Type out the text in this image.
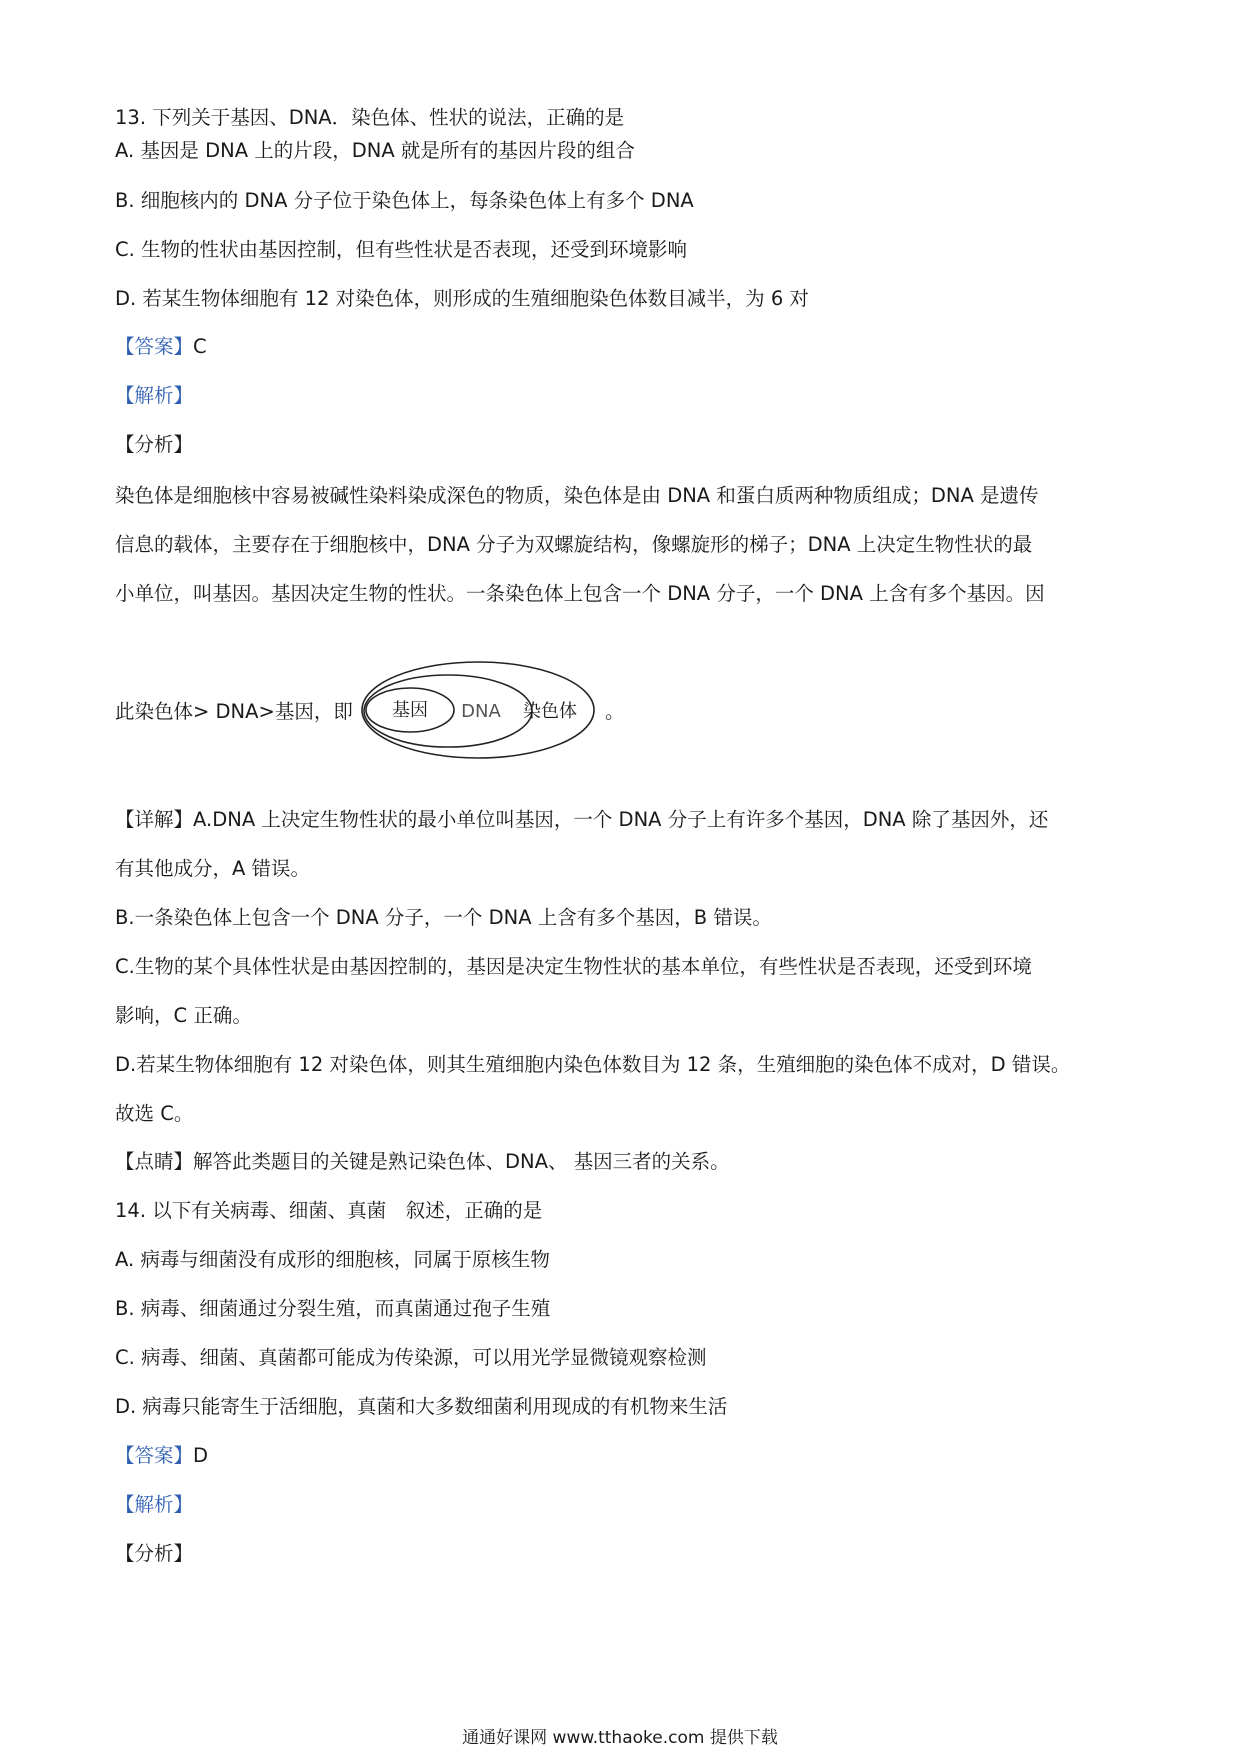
13. 下列关于基因、DNA．染色体、性状的说法，正确的是
A. 基因是 DNA 上的片段，DNA 就是所有的基因片段的组合
B. 细胞核内的 DNA 分子位于染色体上，每条染色体上有多个 DNA
C. 生物的性状由基因控制，但有些性状是否表现，还受到环境影响
D. 若某生物体细胞有 12 对染色体，则形成的生殖细胞染色体数目减半，为 6 对
【答案】C
【解析】
【分析】
染色体是细胞核中容易被碱性染料染成深色的物质，染色体是由 DNA 和蛋白质两种物质组成；DNA 是遗传
信息的载体，主要存在于细胞核中，DNA 分子为双螺旋结构，像螺旋形的梯子；DNA 上决定生物性状的最
小单位，叫基因。基因决定生物的性状。一条染色体上包含一个 DNA 分子，一个 DNA 上含有多个基因。因
此染色体> DNA>基因，即 基因 DNA 染色体 。
【详解】A.DNA 上决定生物性状的最小单位叫基因，一个 DNA 分子上有许多个基因，DNA 除了基因外，还
有其他成分，A 错误。
B.一条染色体上包含一个 DNA 分子，一个 DNA 上含有多个基因，B 错误。
C.生物的某个具体性状是由基因控制的，基因是决定生物性状的基本单位，有些性状是否表现，还受到环境
影响，C 正确。
D.若某生物体细胞有 12 对染色体，则其生殖细胞内染色体数目为 12 条，生殖细胞的染色体不成对，D 错误。
故选 C。
【点睛】解答此类题目的关键是熟记染色体、DNA、 基因三者的关系。
14. 以下有关病毒、细菌、真菌　叙述，正确的是
A. 病毒与细菌没有成形的细胞核，同属于原核生物
B. 病毒、细菌通过分裂生殖，而真菌通过孢子生殖
C. 病毒、细菌、真菌都可能成为传染源，可以用光学显微镜观察检测
D. 病毒只能寄生于活细胞，真菌和大多数细菌利用现成的有机物来生活
【答案】D
【解析】
【分析】
通通好课网 www.tthaoke.com 提供下载
